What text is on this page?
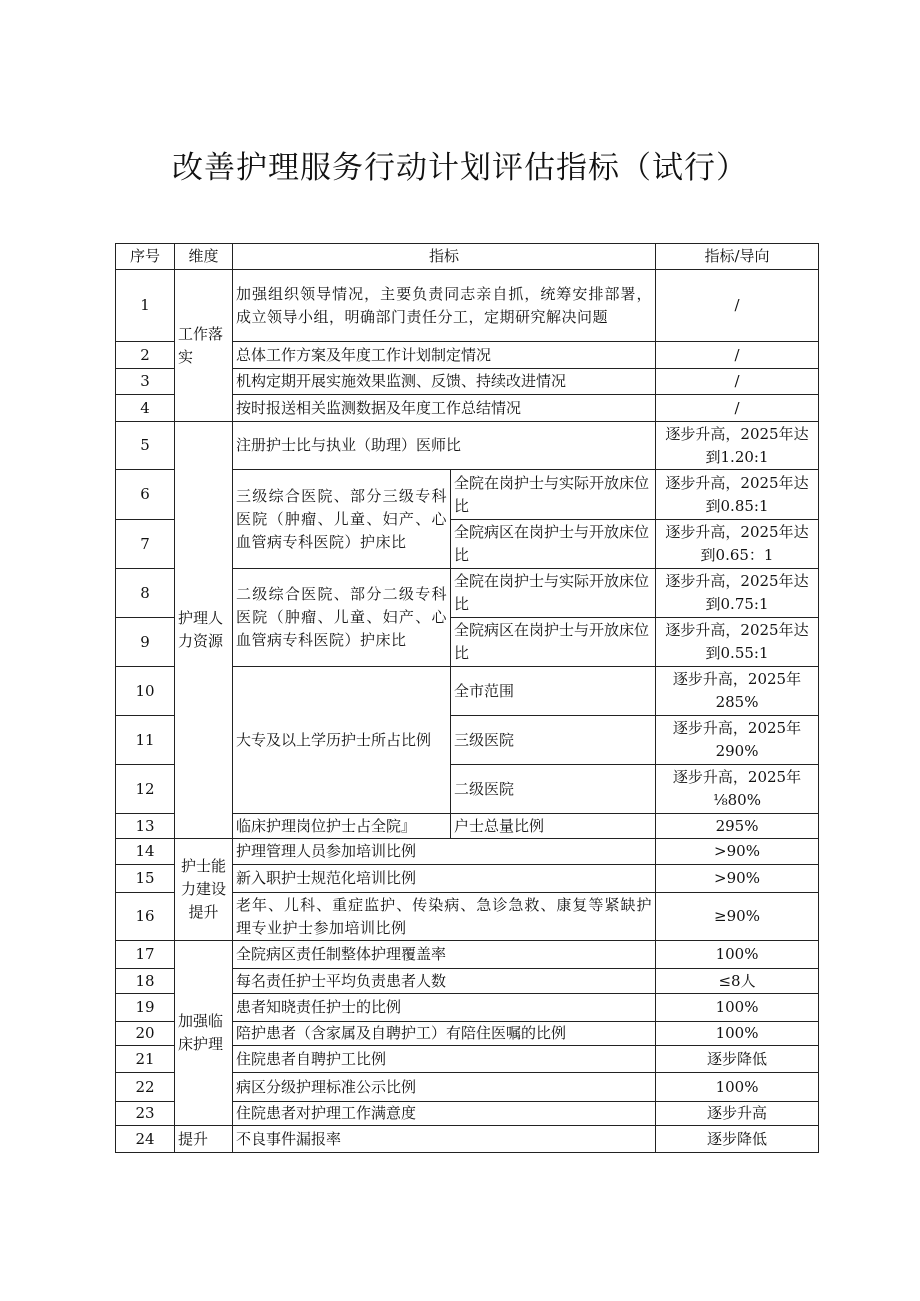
改善护理服务行动计划评估指标（试行）
序号	维度	指标		指标/导向
1	工作落实	加强组织领导情况，主要负责同志亲自抓，统筹安排部署，成立领导小组，明确部门责任分工，定期研究解决问题		/
2		总体工作方案及年度工作计划制定情况		/
3		机构定期开展实施效果监测、反馈、持续改进情况		/
4		按时报送相关监测数据及年度工作总结情况		/
5	护理人力资源	注册护士比与执业（助理）医师比		逐步升高，2025年达到1.20:1
6		三级综合医院、部分三级专科医院（肿瘤、儿童、妇产、心血管病专科医院）护床比	全院在岗护士与实际开放床位比	逐步升高，2025年达到0.85:1
7			全院病区在岗护士与开放床位比	逐步升高，2025年达到0.65：1
8		二级综合医院、部分二级专科医院（肿瘤、儿童、妇产、心血管病专科医院）护床比	全院在岗护士与实际开放床位比	逐步升高，2025年达到0.75:1
9			全院病区在岗护士与开放床位比	逐步升高，2025年达到0.55:1
10		大专及以上学历护士所占比例	全市范围	逐步升高，2025年285%
11			三级医院	逐步升高，2025年290%
12			二级医院	逐步升高，2025年⅛80%
13		临床护理岗位护士占全院』	户士总量比例	295%
14	护士能力建设提升	护理管理人员参加培训比例		>90%
15		新入职护士规范化培训比例		>90%
16		老年、儿科、重症监护、传染病、急诊急救、康复等紧缺护理专业护士参加培训比例		≥90%
17	加强临床护理	全院病区责任制整体护理覆盖率		100%
18		每名责任护士平均负责患者人数		≤8人
19		患者知晓责任护士的比例		100%
20		陪护患者（含家属及自聘护工）有陪住医嘱的比例		100%
21		住院患者自聘护工比例		逐步降低
22		病区分级护理标准公示比例		100%
23		住院患者对护理工作满意度		逐步升高
24	提升	不良事件漏报率		逐步降低
